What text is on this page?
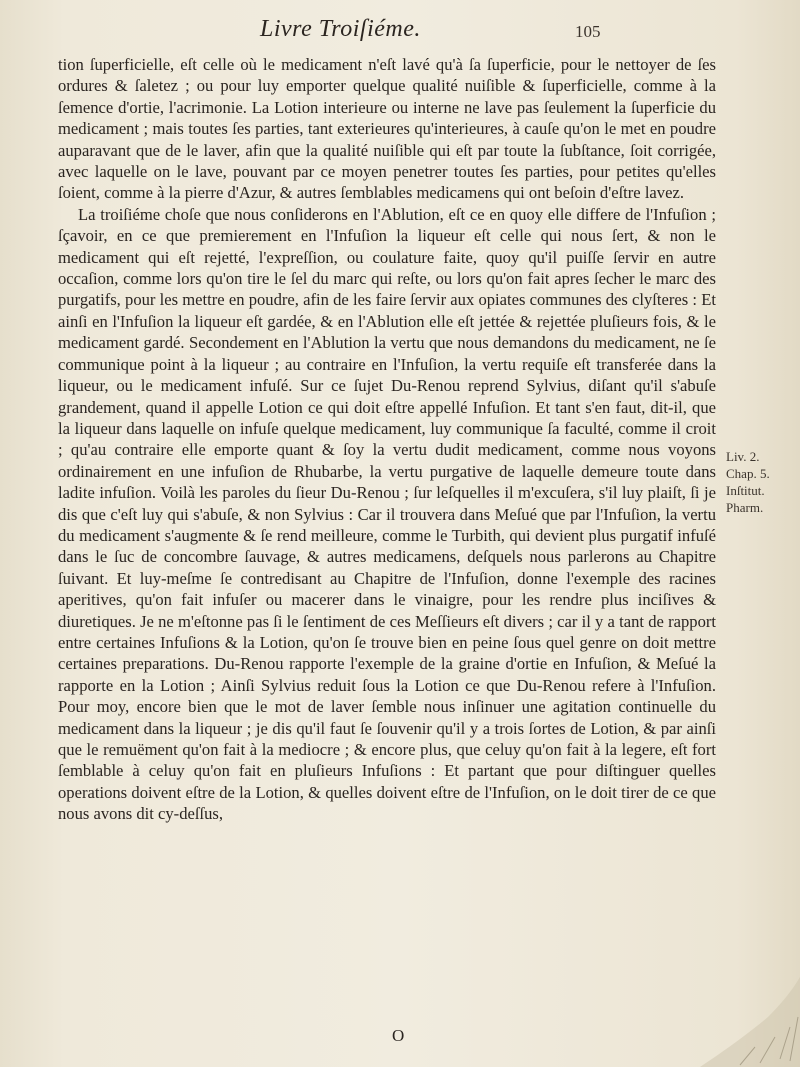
Livre Troiſiéme.	105

tion ſuperficielle, eſt celle où le medicament n'eſt lavé qu'à ſa ſuperficie, pour le nettoyer de ſes ordures & ſaletez ; ou pour luy emporter quelque qualité nuiſible & ſuperficielle, comme à la ſemence d'ortie, l'acrimonie. La Lotion interieure ou interne ne lave pas ſeulement la ſuperficie du medicament ; mais toutes ſes parties, tant exterieures qu'interieures, à cauſe qu'on le met en poudre auparavant que de le laver, afin que la qualité nuiſible qui eſt par toute la ſubſtance, ſoit corrigée, avec laquelle on le lave, pouvant par ce moyen penetrer toutes ſes parties, pour petites qu'elles ſoient, comme à la pierre d'Azur, & autres ſemblables medicamens qui ont beſoin d'eſtre lavez.

La troiſiéme choſe que nous conſiderons en l'Ablution, eſt ce en quoy elle differe de l'Infuſion ; ſçavoir, en ce que premierement en l'Infuſion la liqueur eſt celle qui nous ſert, & non le medicament qui eſt rejetté, l'expreſſion, ou coulature faite, quoy qu'il puiſſe ſervir en autre occaſion, comme lors qu'on tire le ſel du marc qui reſte, ou lors qu'on fait apres ſecher le marc des purgatifs, pour les mettre en poudre, afin de les faire ſervir aux opiates communes des clyſteres : Et ainſi en l'Infuſion la liqueur eſt gardée, & en l'Ablution elle eſt jettée & rejettée pluſieurs fois, & le medicament gardé. Secondement en l'Ablution la vertu que nous demandons du medicament, ne ſe communique point à la liqueur ; au contraire en l'Infuſion, la vertu requiſe eſt transferée dans la liqueur, ou le medicament infuſé. Sur ce ſujet Du-Renou reprend Sylvius, diſant qu'il s'abuſe grandement, quand il appelle Lotion ce qui doit eſtre appellé Infuſion. Et tant s'en faut, dit-il, que la liqueur dans laquelle on infuſe quelque medicament, luy communique ſa faculté, comme il croit ; qu'au contraire elle emporte quant & ſoy la vertu dudit medicament, comme nous voyons ordinairement en une infuſion de Rhubarbe, la vertu purgative de laquelle demeure toute dans ladite infuſion. Voilà les paroles du ſieur Du-Renou ; ſur leſquelles il m'excuſera, s'il luy plaiſt, ſi je dis que c'eſt luy qui s'abuſe, & non Sylvius : Car il trouvera dans Meſué que par l'Infuſion, la vertu du medicament s'augmente & ſe rend meilleure, comme le Turbith, qui devient plus purgatif infuſé dans le ſuc de concombre ſauvage, & autres medicamens, deſquels nous parlerons au Chapitre ſuivant. Et luy-meſme ſe contredisant au Chapitre de l'Infuſion, donne l'exemple des racines aperitives, qu'on fait infuſer ou macerer dans le vinaigre, pour les rendre plus inciſives & diuretiques. Je ne m'eſtonne pas ſi le ſentiment de ces Meſſieurs eſt divers ; car il y a tant de rapport entre certaines Infuſions & la Lotion, qu'on ſe trouve bien en peine ſous quel genre on doit mettre certaines preparations. Du-Renou rapporte l'exemple de la graine d'ortie en Infuſion, & Meſué la rapporte en la Lotion ; Ainſi Sylvius reduit ſous la Lotion ce que Du-Renou refere à l'Infuſion. Pour moy, encore bien que le mot de laver ſemble nous inſinuer une agitation continuelle du medicament dans la liqueur ; je dis qu'il faut ſe ſouvenir qu'il y a trois ſortes de Lotion, & par ainſi que le remuëment qu'on fait à la mediocre ; & encore plus, que celuy qu'on fait à la legere, eſt fort ſemblable à celuy qu'on fait en pluſieurs Infuſions : Et partant que pour diſtinguer quelles operations doivent eſtre de la Lotion, & quelles doivent eſtre de l'Infuſion, on le doit tirer de ce que nous avons dit cy-deſſus,

Liv. 2.
Chap. 5.
Inſtitut.
Pharm.
O
